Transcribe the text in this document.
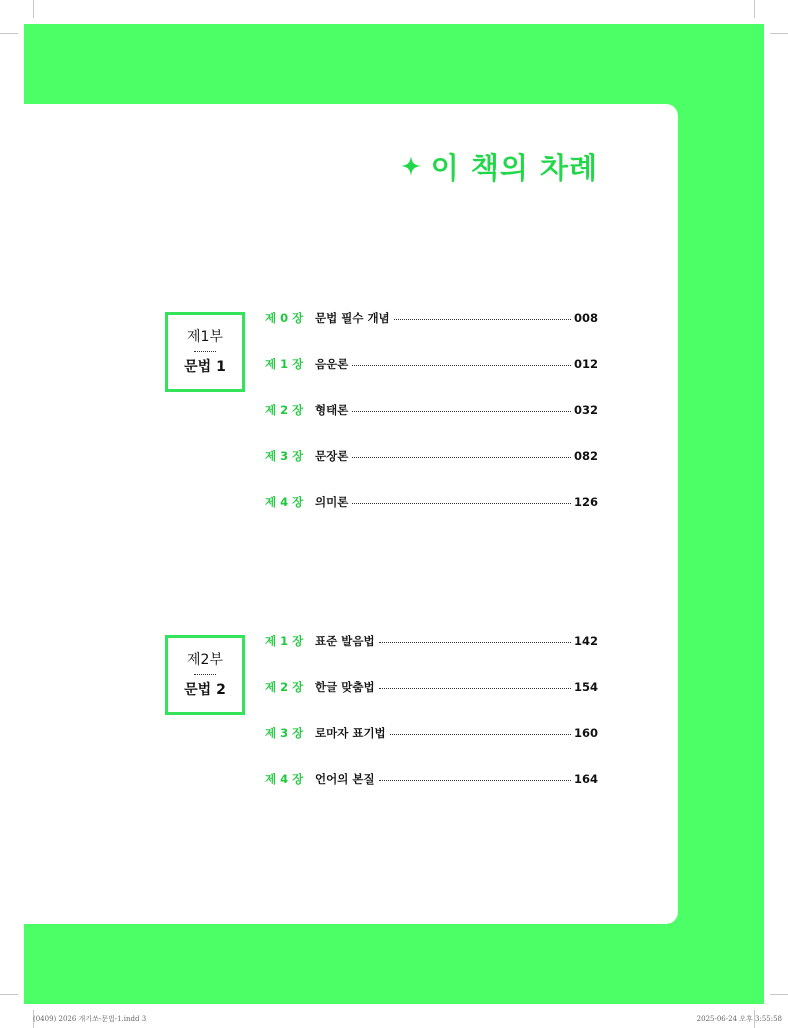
이 책의 차례
제1부
문법 1
제 0 장	문법 필수 개념	008
제 1 장	음운론	012
제 2 장	형태론	032
제 3 장	문장론	082
제 4 장	의미론	126
제2부
문법 2
제 1 장	표준 발음법	142
제 2 장	한글 맞춤법	154
제 3 장	로마자 표기법	160
제 4 장	언어의 본질	164
(0409) 2026 개기쏘-문법-1.indd 3	2025-06-24 오후 3:55:58
